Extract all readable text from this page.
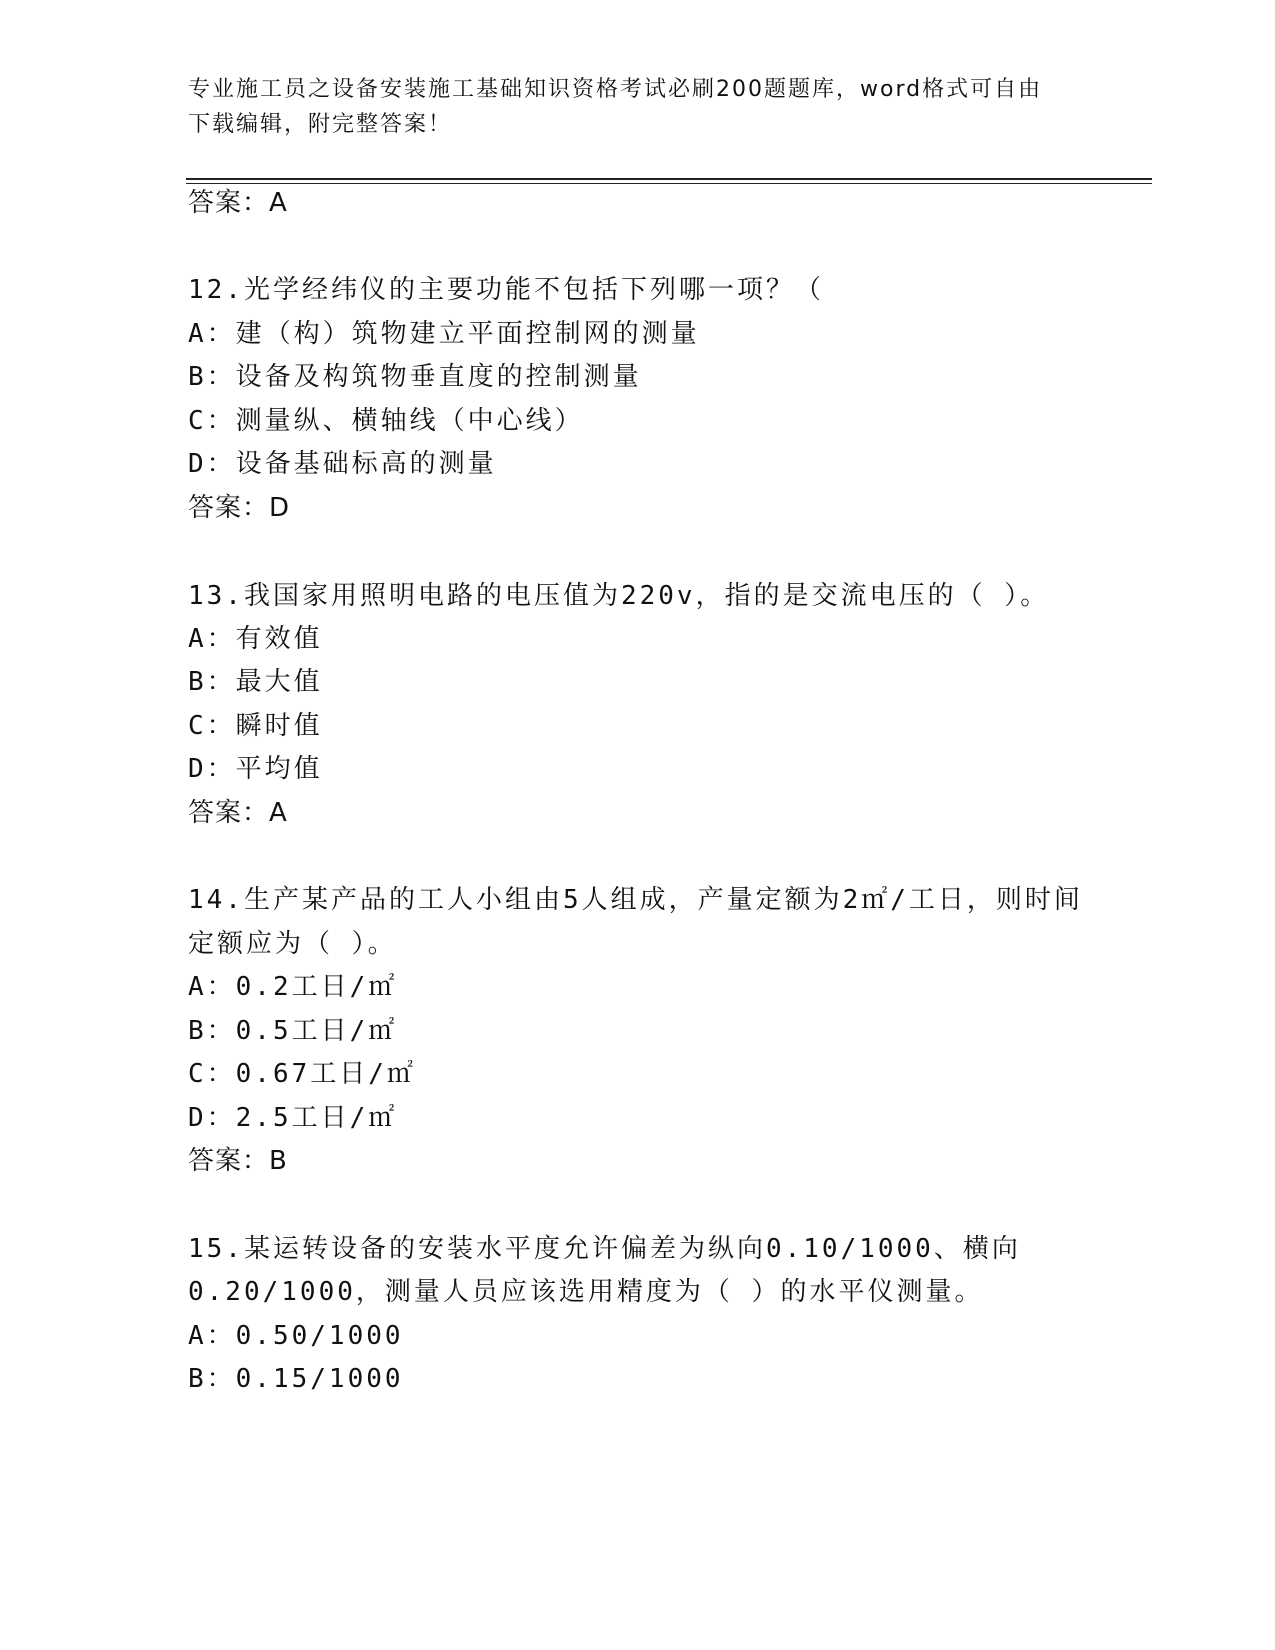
专业施工员之设备安装施工基础知识资格考试必刷200题题库，word格式可自由
下载编辑，附完整答案！
答案：A
12.光学经纬仪的主要功能不包括下列哪一项？（
A：建（构）筑物建立平面控制网的测量
B：设备及构筑物垂直度的控制测量
C：测量纵、横轴线（中心线）
D：设备基础标高的测量
答案：D
13.我国家用照明电路的电压值为220v，指的是交流电压的（ ）。
A：有效值
B：最大值
C：瞬时值
D：平均值
答案：A
14.生产某产品的工人小组由5人组成，产量定额为2㎡/工日，则时间
定额应为（ ）。
A：0.2工日/㎡
B：0.5工日/㎡
C：0.67工日/㎡
D：2.5工日/㎡
答案：B
15.某运转设备的安装水平度允许偏差为纵向0.10/1000、横向
0.20/1000，测量人员应该选用精度为（ ）的水平仪测量。
A：0.50/1000
B：0.15/1000
